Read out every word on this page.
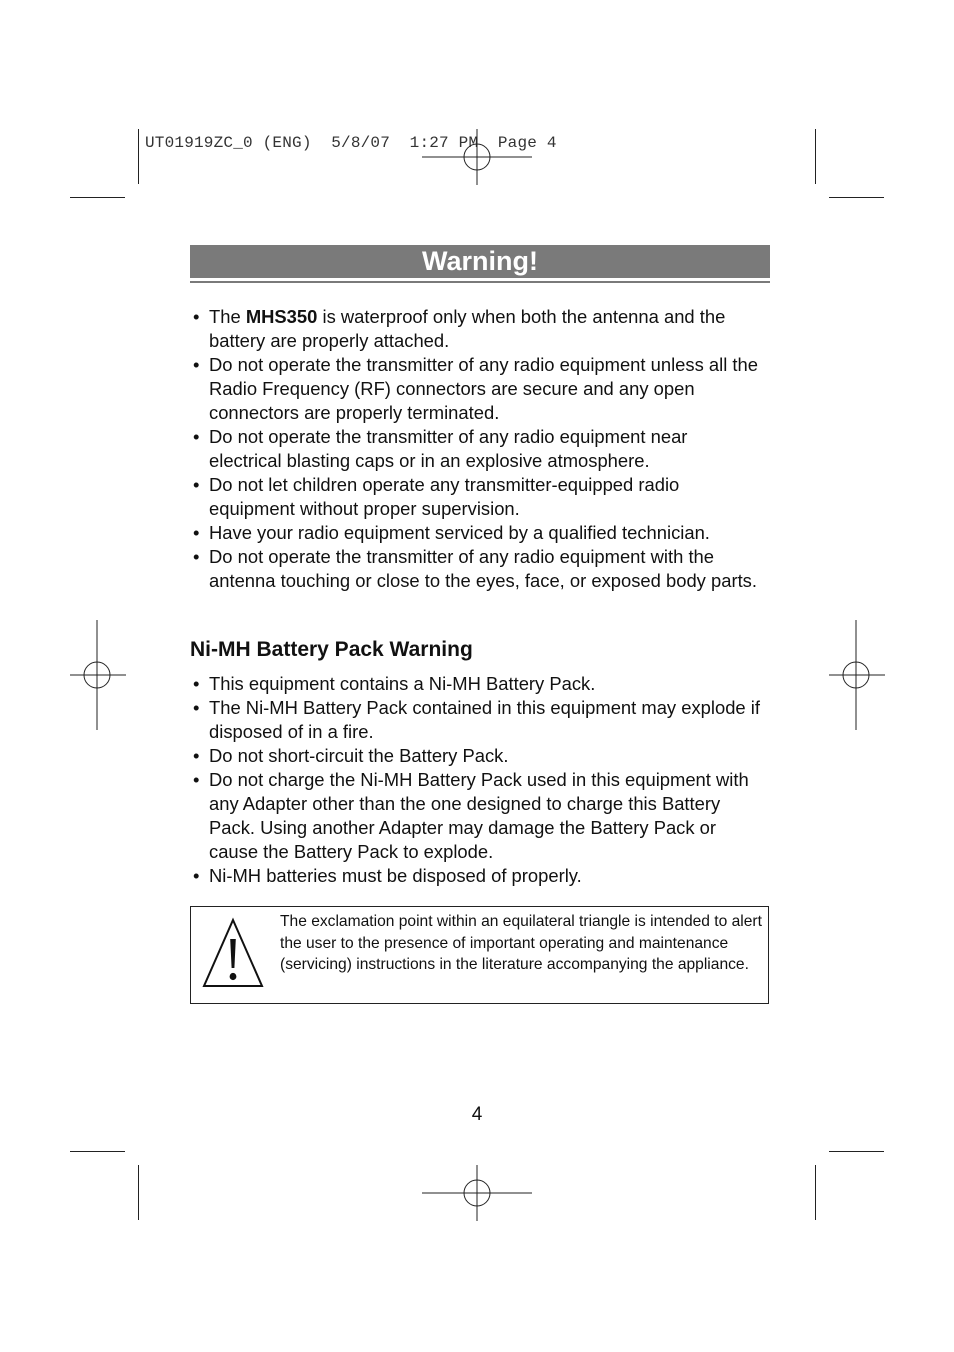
UT01919ZC_0 (ENG)  5/8/07  1:27 PM  Page 4
Warning!
• The MHS350 is waterproof only when both the antenna and the battery are properly attached.
• Do not operate the transmitter of any radio equipment unless all the Radio Frequency (RF) connectors are secure and any open connectors are properly terminated.
• Do not operate the transmitter of any radio equipment near electrical blasting caps or in an explosive atmosphere.
• Do not let children operate any transmitter-equipped radio equipment without proper supervision.
• Have your radio equipment serviced by a qualified technician.
• Do not operate the transmitter of any radio equipment with the antenna touching or close to the eyes, face, or exposed body parts.
Ni-MH Battery Pack Warning
• This equipment contains a Ni-MH Battery Pack.
• The Ni-MH Battery Pack contained in this equipment may explode if disposed of in a fire.
• Do not short-circuit the Battery Pack.
• Do not charge the Ni-MH Battery Pack used in this equipment with any Adapter other than the one designed to charge this Battery Pack. Using another Adapter may damage the Battery Pack or cause the Battery Pack to explode.
• Ni-MH batteries must be disposed of properly.
The exclamation point within an equilateral triangle is intended to alert the user to the presence of important operating and maintenance (servicing) instructions in the literature accompanying the appliance.
4
